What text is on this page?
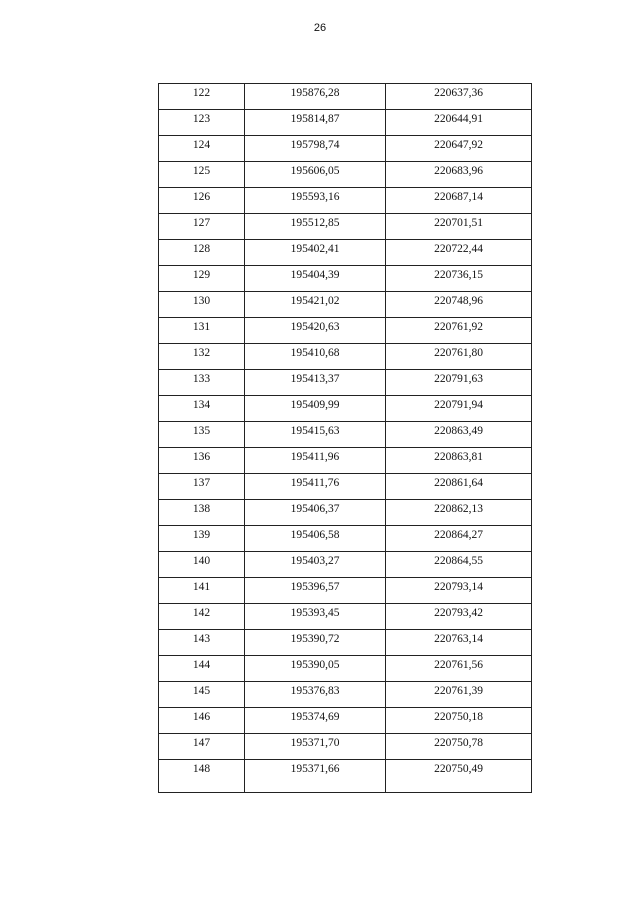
26
122	195876,28	220637,36

123	195814,87	220644,91

124	195798,74	220647,92

125	195606,05	220683,96

126	195593,16	220687,14

127	195512,85	220701,51

128	195402,41	220722,44

129	195404,39	220736,15

130	195421,02	220748,96

131	195420,63	220761,92

132	195410,68	220761,80

133	195413,37	220791,63

134	195409,99	220791,94

135	195415,63	220863,49

136	195411,96	220863,81

137	195411,76	220861,64

138	195406,37	220862,13

139	195406,58	220864,27

140	195403,27	220864,55

141	195396,57	220793,14

142	195393,45	220793,42

143	195390,72	220763,14

144	195390,05	220761,56

145	195376,83	220761,39

146	195374,69	220750,18

147	195371,70	220750,78

148	195371,66	220750,49
